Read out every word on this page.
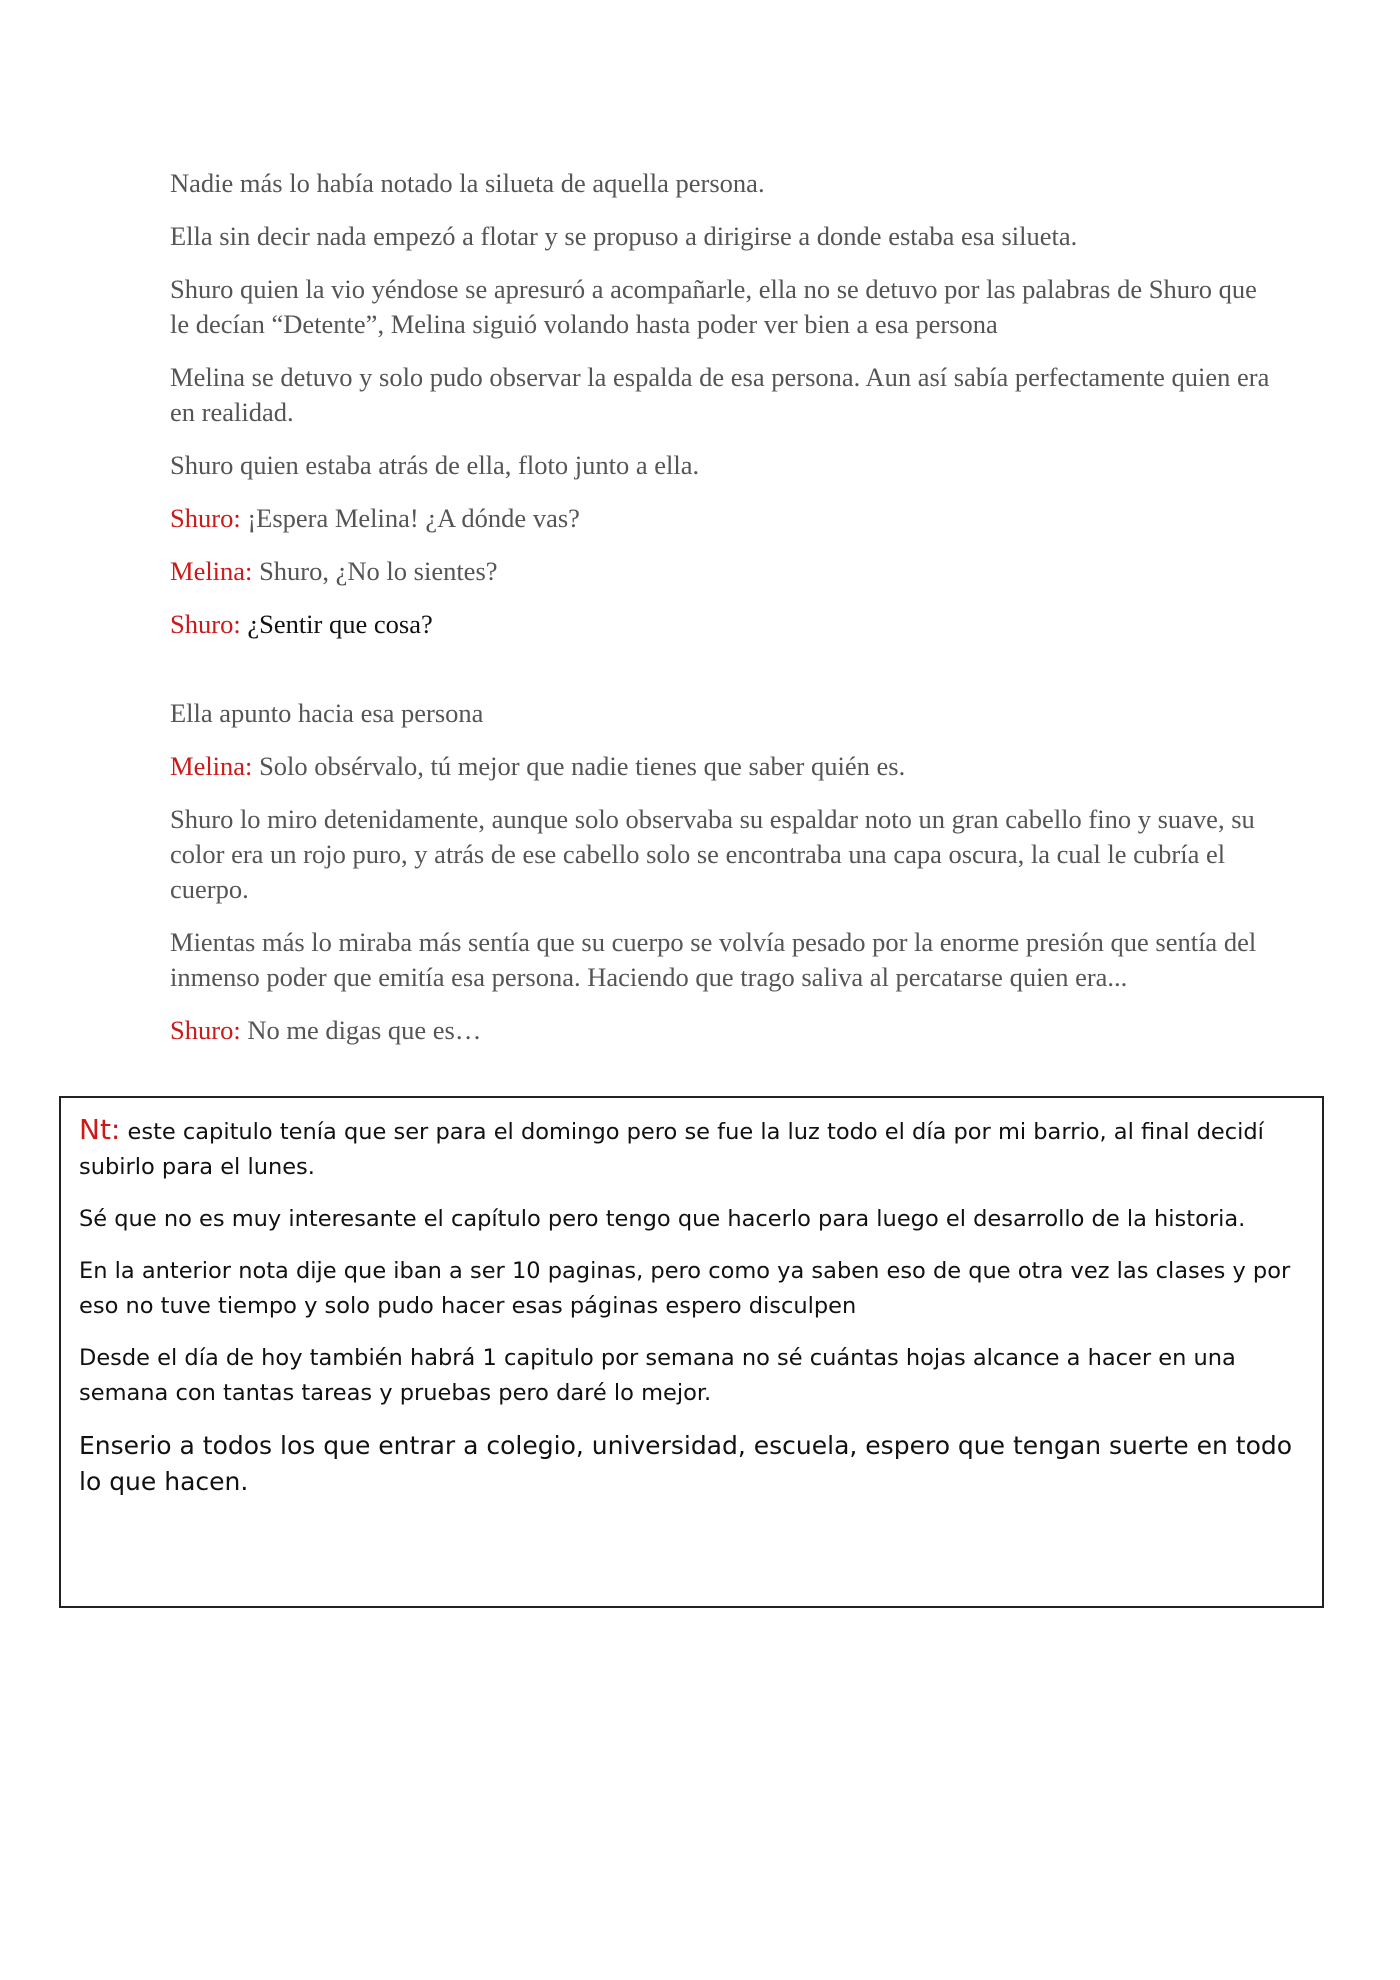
Nadie más lo había notado la silueta de aquella persona.

Ella sin decir nada empezó a flotar y se propuso a dirigirse a donde estaba esa silueta.

Shuro quien la vio yéndose se apresuró a acompañarle, ella no se detuvo por las palabras de Shuro que le decían “Detente”, Melina siguió volando hasta poder ver bien a esa persona

Melina se detuvo y solo pudo observar la espalda de esa persona. Aun así sabía perfectamente quien era en realidad.

Shuro quien estaba atrás de ella, floto junto a ella.

Shuro: ¡Espera Melina! ¿A dónde vas?

Melina: Shuro, ¿No lo sientes?

Shuro: ¿Sentir que cosa?

Ella apunto hacia esa persona

Melina: Solo obsérvalo, tú mejor que nadie tienes que saber quién es.

Shuro lo miro detenidamente, aunque solo observaba su espaldar noto un gran cabello fino y suave, su color era un rojo puro, y atrás de ese cabello solo se encontraba una capa oscura, la cual le cubría el cuerpo.

Mientas más lo miraba más sentía que su cuerpo se volvía pesado por la enorme presión que sentía del inmenso poder que emitía esa persona. Haciendo que trago saliva al percatarse quien era...

Shuro: No me digas que es…

Nt: este capitulo tenía que ser para el domingo pero se fue la luz todo el día por mi barrio, al final decidí subirlo para el lunes.

Sé que no es muy interesante el capítulo pero tengo que hacerlo para luego el desarrollo de la historia.

En la anterior nota dije que iban a ser 10 paginas, pero como ya saben eso de que otra vez las clases y por eso no tuve tiempo y solo pudo hacer esas páginas espero disculpen

Desde el día de hoy también habrá 1 capitulo por semana no sé cuántas hojas alcance a hacer en una semana con tantas tareas y pruebas pero daré lo mejor.

Enserio a todos los que entrar a colegio, universidad, escuela, espero que tengan suerte en todo lo que hacen.
